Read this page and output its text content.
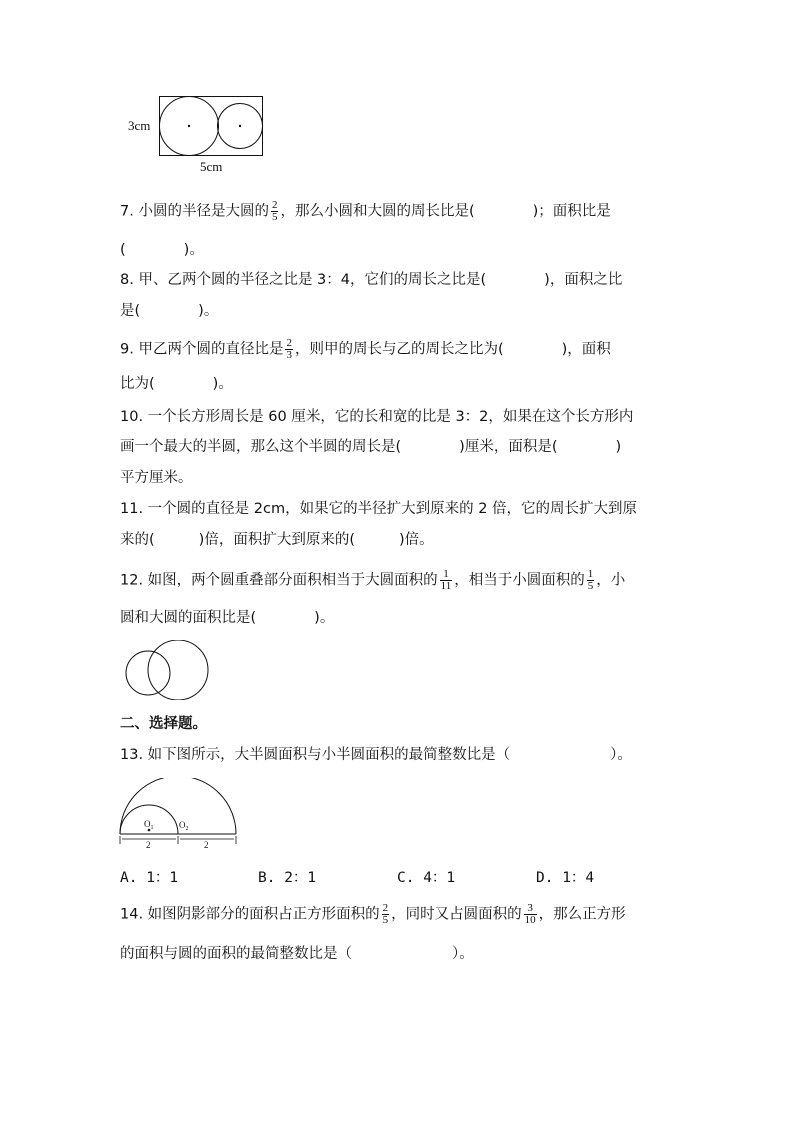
3cm
5cm
7. 小圆的半径是大圆的 $\frac{2}{5}$ ，那么小圆和大圆的周长比是(	)；面积比是
(	)。
8. 甲、乙两个圆的半径之比是 3：4，它们的周长之比是(	)，面积之比
是(	)。
9. 甲乙两个圆的直径比是 $\frac{2}{3}$ ，则甲的周长与乙的周长之比为(	)，面积
比为(	)。
10. 一个长方形周长是 60 厘米，它的长和宽的比是 3：2，如果在这个长方形内
画一个最大的半圆，那么这个半圆的周长是(	)厘米，面积是(	)
平方厘米。
11. 一个圆的直径是 2cm，如果它的半径扩大到原来的 2 倍，它的周长扩大到原
来的(	)倍，面积扩大到原来的(	)倍。
12. 如图，两个圆重叠部分面积相当于大圆面积的 $\frac{1}{11}$ ，相当于小圆面积的 $\frac{1}{5}$ ，小
圆和大圆的面积比是(	)。
二、选择题。
13. 如下图所示，大半圆面积与小半圆面积的最简整数比是（	）。
$O_1$	$O_2$
2	2
A. 1：1	B. 2：1	C. 4：1	D. 1：4
14. 如图阴影部分的面积占正方形面积的 $\frac{2}{5}$ ，同时又占圆面积的 $\frac{3}{10}$ ，那么正方形
的面积与圆的面积的最简整数比是（	）。
